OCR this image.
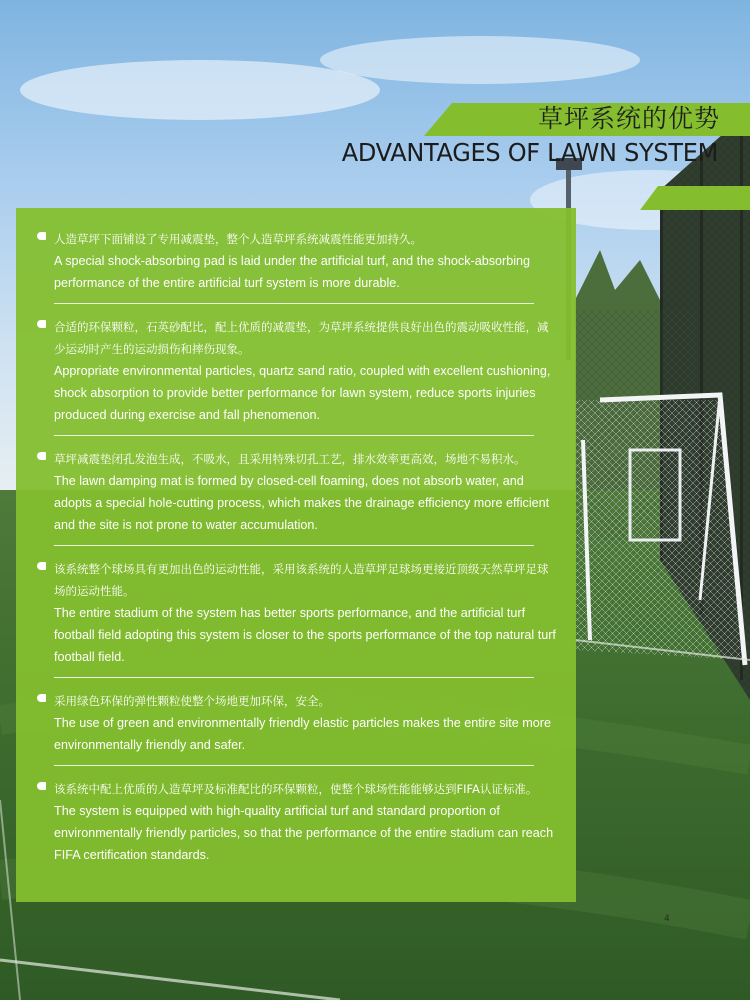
草坪系统的优势
ADVANTAGES OF LAWN SYSTEM
人造草坪下面铺设了专用减震垫，整个人造草坪系统减震性能更加持久。
A special shock-absorbing pad is laid under the artificial turf, and the shock-absorbing performance of the entire artificial turf system is more durable.
合适的环保颗粒，石英砂配比，配上优质的减震垫，为草坪系统提供良好出色的震动吸收性能，减少运动时产生的运动损伤和摔伤现象。
Appropriate environmental particles, quartz sand ratio, coupled with excellent cushioning, shock absorption to provide better performance for lawn system, reduce sports injuries produced during exercise and fall phenomenon.
草坪减震垫闭孔发泡生成，不吸水，且采用特殊切孔工艺，排水效率更高效，场地不易积水。
The lawn damping mat is formed by closed-cell foaming, does not absorb water, and adopts a special hole-cutting process, which makes the drainage efficiency more efficient and the site is not prone to water accumulation.
该系统整个球场具有更加出色的运动性能，采用该系统的人造草坪足球场更接近顶级天然草坪足球场的运动性能。
The entire stadium of the system has better sports performance, and the artificial turf football field adopting this system is closer to the sports performance of the top natural turf football field.
采用绿色环保的弹性颗粒使整个场地更加环保，安全。
The use of green and environmentally friendly elastic particles makes the entire site more environmentally friendly and safer.
该系统中配上优质的人造草坪及标准配比的环保颗粒，使整个球场性能能够达到FIFA认证标准。
The system is equipped with high-quality artificial turf and standard proportion of environmentally friendly particles, so that the performance of the entire stadium can reach FIFA certification standards.
4
